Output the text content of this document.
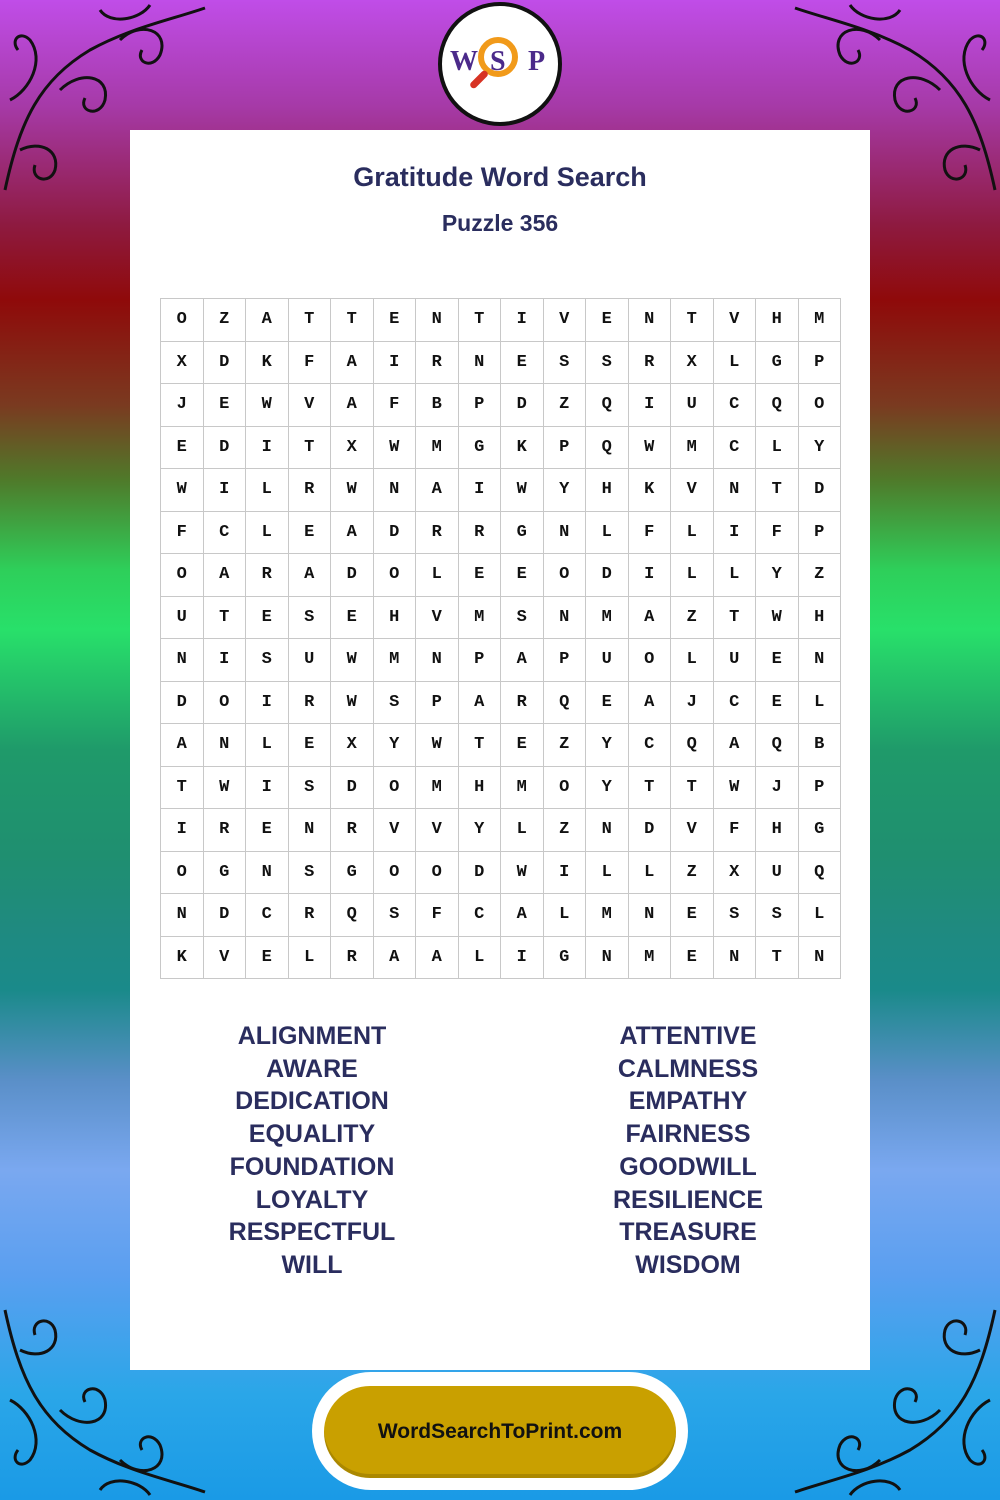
W S P
Gratitude Word Search
Puzzle 356
O	Z	A	T	T	E	N	T	I	V	E	N	T	V	H	M
X	D	K	F	A	I	R	N	E	S	S	R	X	L	G	P
J	E	W	V	A	F	B	P	D	Z	Q	I	U	C	Q	O
E	D	I	T	X	W	M	G	K	P	Q	W	M	C	L	Y
W	I	L	R	W	N	A	I	W	Y	H	K	V	N	T	D
F	C	L	E	A	D	R	R	G	N	L	F	L	I	F	P
O	A	R	A	D	O	L	E	E	O	D	I	L	L	Y	Z
U	T	E	S	E	H	V	M	S	N	M	A	Z	T	W	H
N	I	S	U	W	M	N	P	A	P	U	O	L	U	E	N
D	O	I	R	W	S	P	A	R	Q	E	A	J	C	E	L
A	N	L	E	X	Y	W	T	E	Z	Y	C	Q	A	Q	B
T	W	I	S	D	O	M	H	M	O	Y	T	T	W	J	P
I	R	E	N	R	V	V	Y	L	Z	N	D	V	F	H	G
O	G	N	S	G	O	O	D	W	I	L	L	Z	X	U	Q
N	D	C	R	Q	S	F	C	A	L	M	N	E	S	S	L
K	V	E	L	R	A	A	L	I	G	N	M	E	N	T	N
ALIGNMENT
AWARE
DEDICATION
EQUALITY
FOUNDATION
LOYALTY
RESPECTFUL
WILL
ATTENTIVE
CALMNESS
EMPATHY
FAIRNESS
GOODWILL
RESILIENCE
TREASURE
WISDOM
WordSearchToPrint.com
